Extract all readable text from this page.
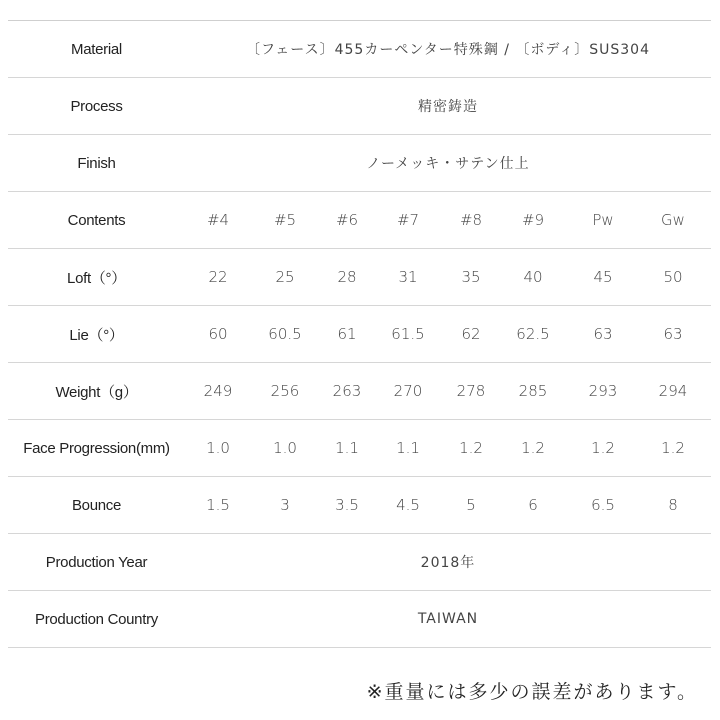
Material	〔フェース〕455カーペンター特殊鋼 / 〔ボディ〕SUS304
Process	精密鋳造
Finish	ノーメッキ・サテン仕上
Contents	#4	#5	#6	#7	#8	#9	Pw	Gw
Loft（°）	22	25	28	31	35	40	45	50
Lie（°）	60	60.5	61	61.5	62	62.5	63	63
Weight（g）	249	256	263	270	278	285	293	294
Face Progression(mm)	1.0	1.0	1.1	1.1	1.2	1.2	1.2	1.2
Bounce	1.5	3	3.5	4.5	5	6	6.5	8
Production Year	2018年
Production Country	TAIWAN
※重量には多少の誤差があります。
